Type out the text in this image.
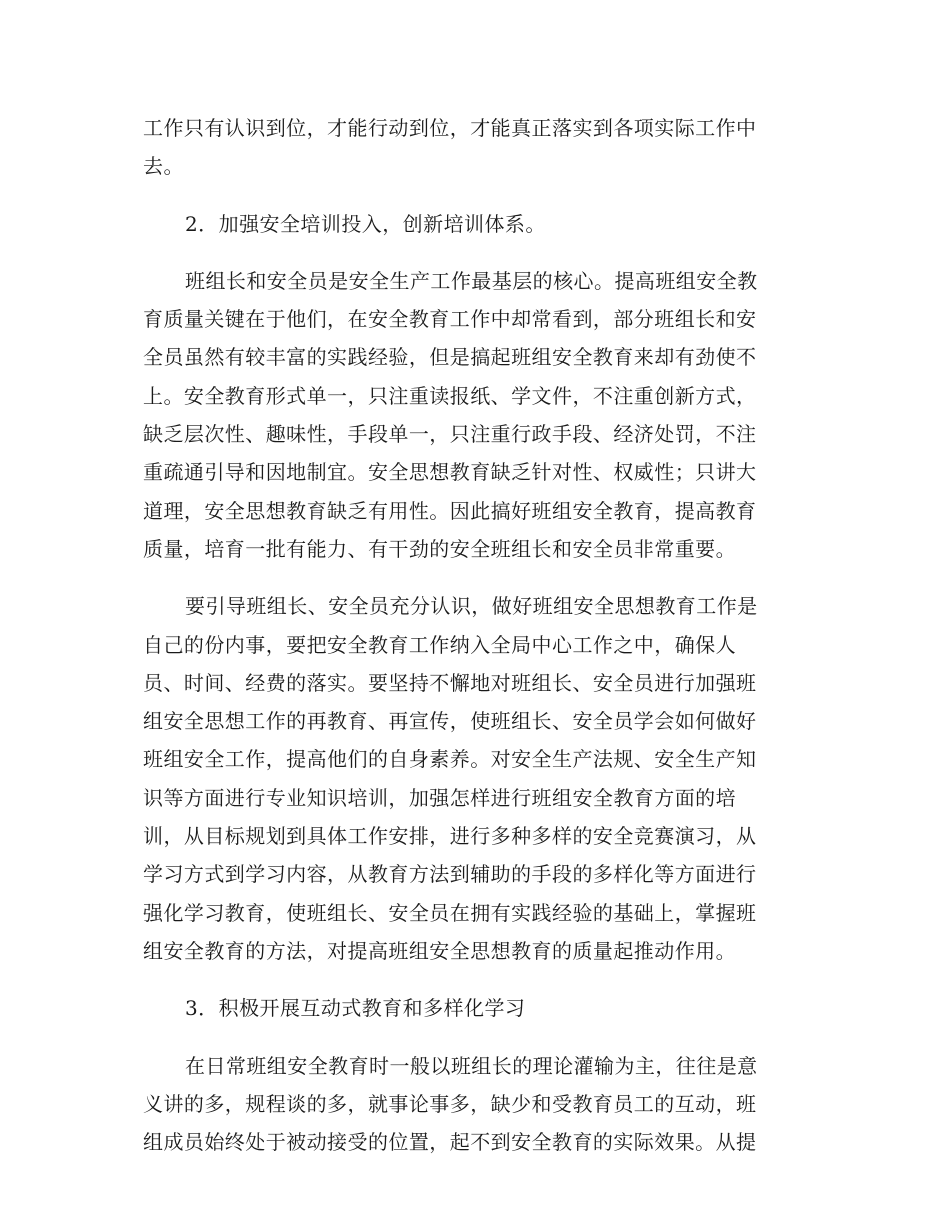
工作只有认识到位，才能行动到位，才能真正落实到各项实际工作中
去。

2．加强安全培训投入，创新培训体系。

班组长和安全员是安全生产工作最基层的核心。提高班组安全教
育质量关键在于他们，在安全教育工作中却常看到，部分班组长和安
全员虽然有较丰富的实践经验，但是搞起班组安全教育来却有劲使不
上。安全教育形式单一，只注重读报纸、学文件，不注重创新方式，
缺乏层次性、趣味性，手段单一，只注重行政手段、经济处罚，不注
重疏通引导和因地制宜。安全思想教育缺乏针对性、权威性；只讲大
道理，安全思想教育缺乏有用性。因此搞好班组安全教育，提高教育
质量，培育一批有能力、有干劲的安全班组长和安全员非常重要。

要引导班组长、安全员充分认识，做好班组安全思想教育工作是
自己的份内事，要把安全教育工作纳入全局中心工作之中，确保人
员、时间、经费的落实。要坚持不懈地对班组长、安全员进行加强班
组安全思想工作的再教育、再宣传，使班组长、安全员学会如何做好
班组安全工作，提高他们的自身素养。对安全生产法规、安全生产知
识等方面进行专业知识培训，加强怎样进行班组安全教育方面的培
训，从目标规划到具体工作安排，进行多种多样的安全竞赛演习，从
学习方式到学习内容，从教育方法到辅助的手段的多样化等方面进行
强化学习教育，使班组长、安全员在拥有实践经验的基础上，掌握班
组安全教育的方法，对提高班组安全思想教育的质量起推动作用。

3．积极开展互动式教育和多样化学习

在日常班组安全教育时一般以班组长的理论灌输为主，往往是意
义讲的多，规程谈的多，就事论事多，缺少和受教育员工的互动，班
组成员始终处于被动接受的位置，起不到安全教育的实际效果。从提
